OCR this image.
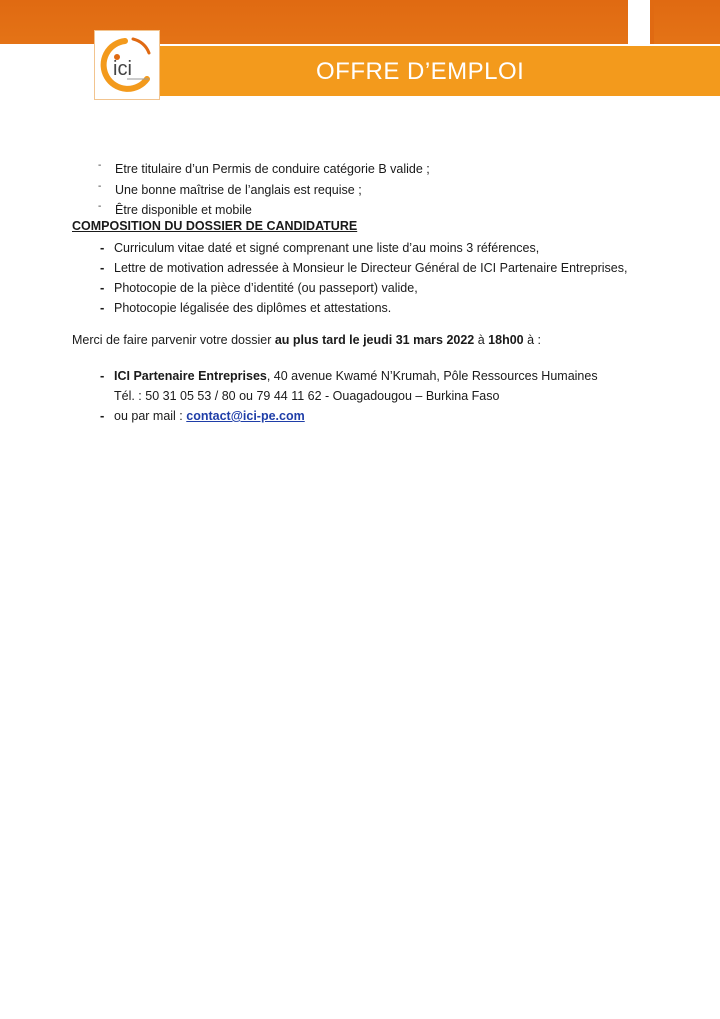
OFFRE D’EMPLOI
ici
- Etre titulaire d’un Permis de conduire catégorie B valide ;
- Une bonne maîtrise de l’anglais est requise ;
- Être disponible et mobile
COMPOSITION DU DOSSIER DE CANDIDATURE
- Curriculum vitae daté et signé comprenant une liste d’au moins 3 références,
- Lettre de motivation adressée à Monsieur le Directeur Général de ICI Partenaire Entreprises,
- Photocopie de la pièce d’identité (ou passeport) valide,
- Photocopie légalisée des diplômes et attestations.
Merci de faire parvenir votre dossier au plus tard le jeudi 31 mars 2022 à 18h00 à :
- ICI Partenaire Entreprises, 40 avenue Kwamé N’Krumah, Pôle Ressources Humaines
Tél. : 50 31 05 53 / 80 ou 79 44 11 62 - Ouagadougou – Burkina Faso
- ou par mail : contact@ici-pe.com
